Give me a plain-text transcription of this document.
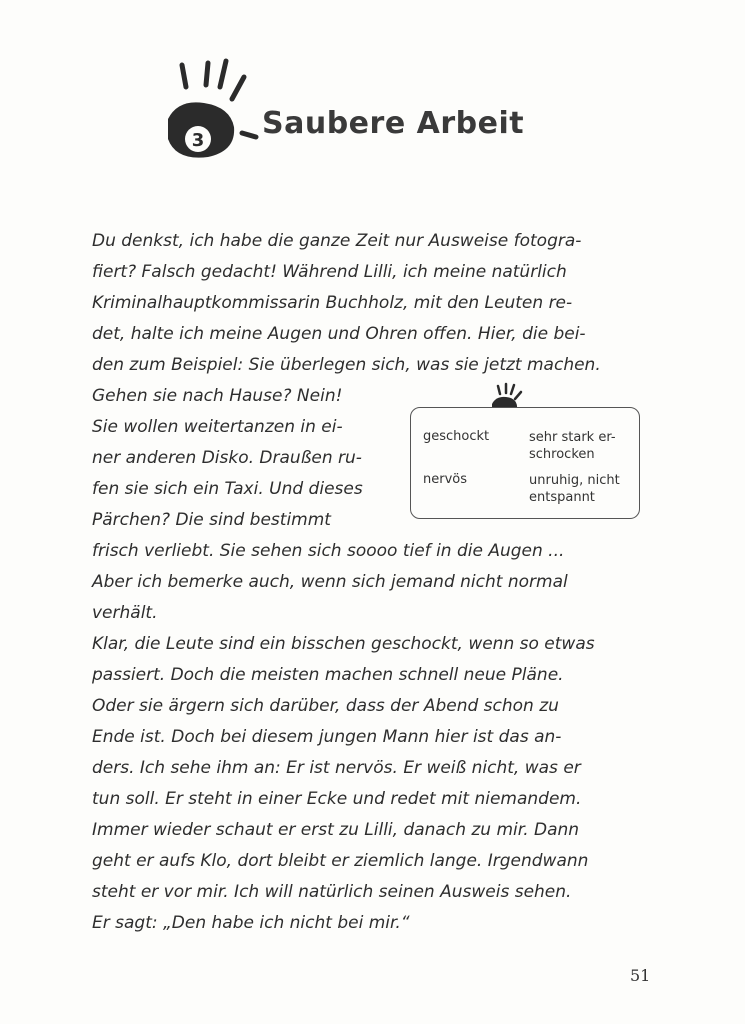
3 Saubere Arbeit
Du denkst, ich habe die ganze Zeit nur Ausweise fotogra-
fiert? Falsch gedacht! Während Lilli, ich meine natürlich
Kriminalhauptkommissarin Buchholz, mit den Leuten re-
det, halte ich meine Augen und Ohren offen. Hier, die bei-
den zum Beispiel: Sie überlegen sich, was sie jetzt machen.
Gehen sie nach Hause? Nein!
Sie wollen weitertanzen in ei-
ner anderen Disko. Draußen ru-
fen sie sich ein Taxi. Und dieses
Pärchen? Die sind bestimmt
frisch verliebt. Sie sehen sich soooo tief in die Augen ...
Aber ich bemerke auch, wenn sich jemand nicht normal
verhält.
Klar, die Leute sind ein bisschen geschockt, wenn so etwas
passiert. Doch die meisten machen schnell neue Pläne.
Oder sie ärgern sich darüber, dass der Abend schon zu
Ende ist. Doch bei diesem jungen Mann hier ist das an-
ders. Ich sehe ihm an: Er ist nervös. Er weiß nicht, was er
tun soll. Er steht in einer Ecke und redet mit niemandem.
Immer wieder schaut er erst zu Lilli, danach zu mir. Dann
geht er aufs Klo, dort bleibt er ziemlich lange. Irgendwann
steht er vor mir. Ich will natürlich seinen Ausweis sehen.
Er sagt: „Den habe ich nicht bei mir.“
geschockt	sehr stark er-
schrocken
nervös	unruhig, nicht
entspannt
51
